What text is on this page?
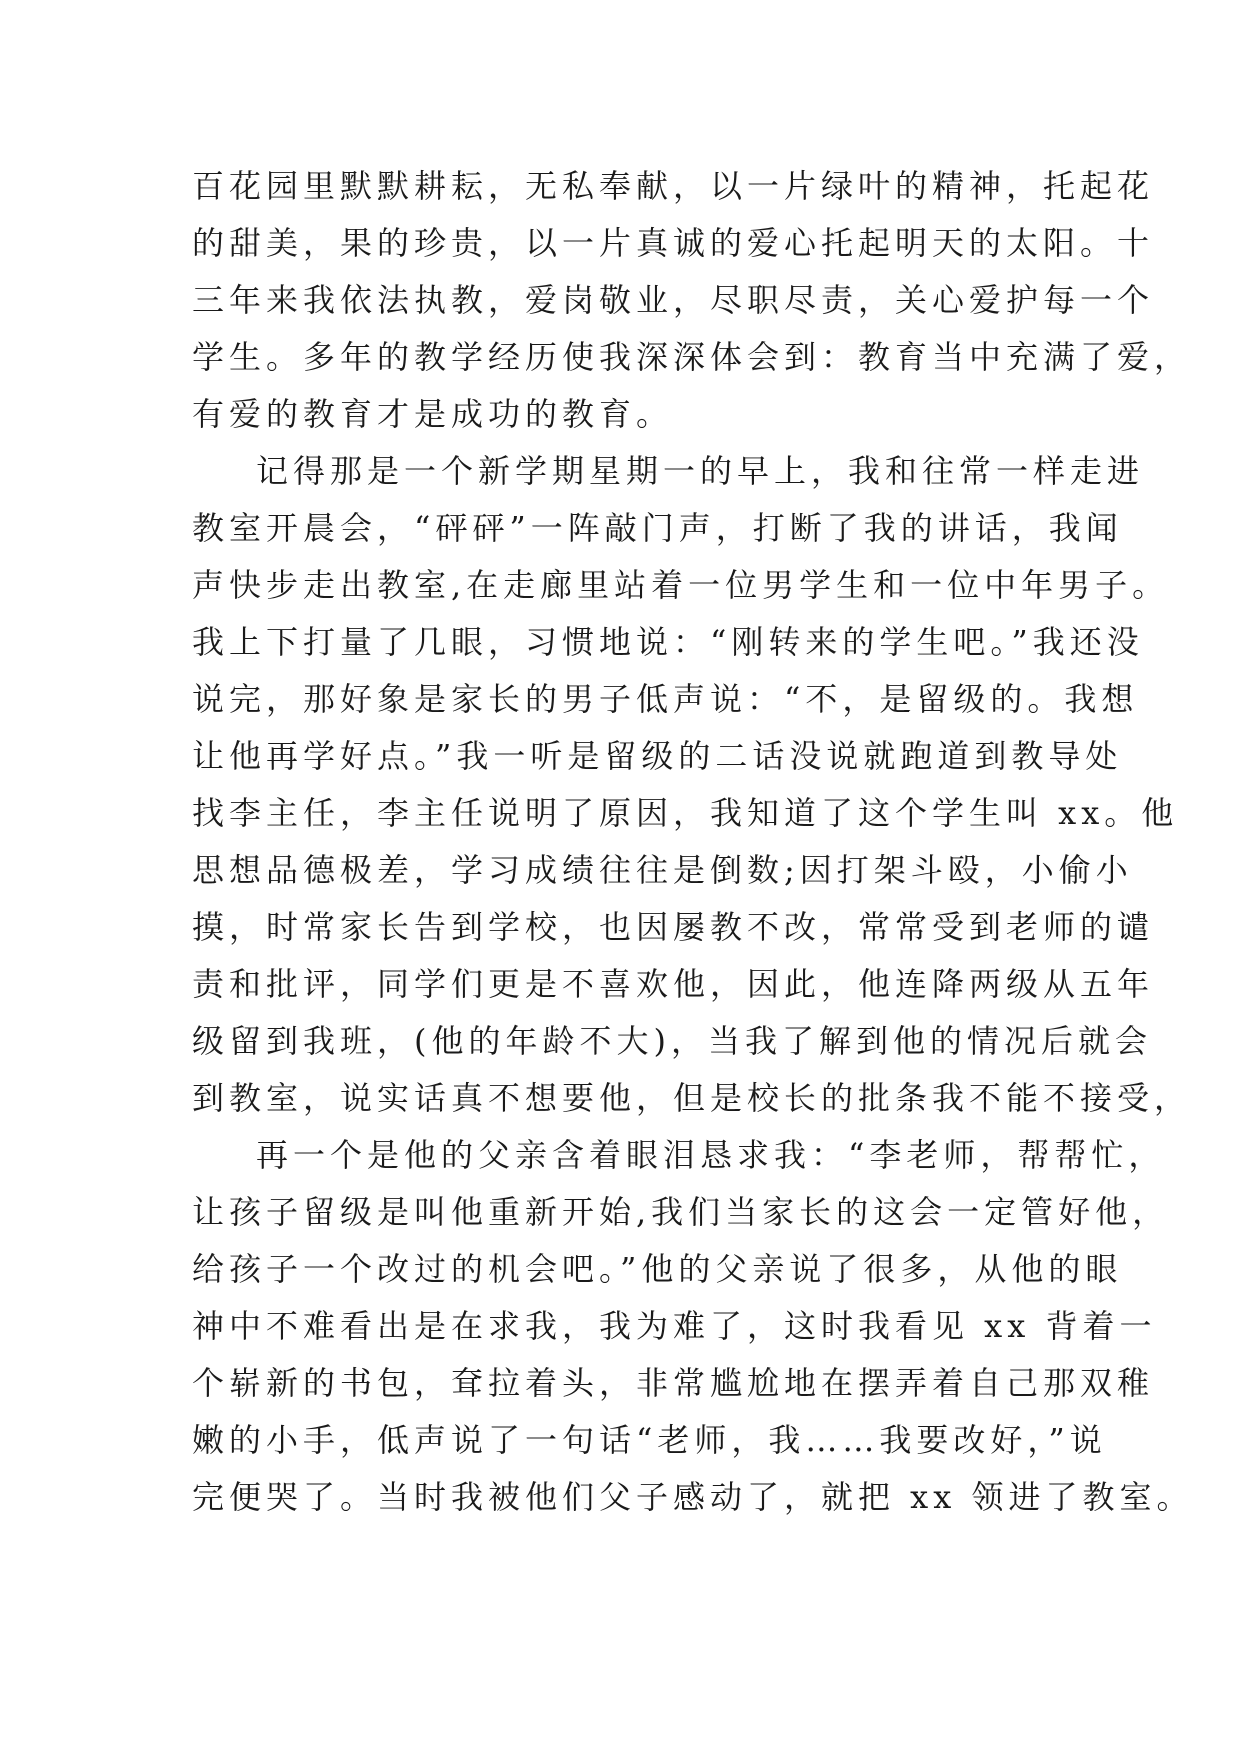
百花园里默默耕耘，无私奉献，以一片绿叶的精神，托起花
的甜美，果的珍贵，以一片真诚的爱心托起明天的太阳。十
三年来我依法执教，爱岗敬业，尽职尽责，关心爱护每一个
学生。多年的教学经历使我深深体会到：教育当中充满了爱，
有爱的教育才是成功的教育。
记得那是一个新学期星期一的早上，我和往常一样走进
教室开晨会，“砰砰”一阵敲门声，打断了我的讲话，我闻
声快步走出教室,在走廊里站着一位男学生和一位中年男子。
我上下打量了几眼，习惯地说：“刚转来的学生吧。”我还没
说完，那好象是家长的男子低声说：“不，是留级的。我想
让他再学好点。”我一听是留级的二话没说就跑道到教导处
找李主任，李主任说明了原因，我知道了这个学生叫 xx。他
思想品德极差，学习成绩往往是倒数;因打架斗殴，小偷小
摸，时常家长告到学校，也因屡教不改，常常受到老师的谴
责和批评，同学们更是不喜欢他，因此，他连降两级从五年
级留到我班，(他的年龄不大)，当我了解到他的情况后就会
到教室，说实话真不想要他，但是校长的批条我不能不接受，
再一个是他的父亲含着眼泪恳求我：“李老师，帮帮忙，
让孩子留级是叫他重新开始,我们当家长的这会一定管好他，
给孩子一个改过的机会吧。”他的父亲说了很多，从他的眼
神中不难看出是在求我，我为难了，这时我看见 xx 背着一
个崭新的书包，耷拉着头，非常尴尬地在摆弄着自己那双稚
嫩的小手，低声说了一句话“老师，我……我要改好，”说
完便哭了。当时我被他们父子感动了，就把 xx 领进了教室。
